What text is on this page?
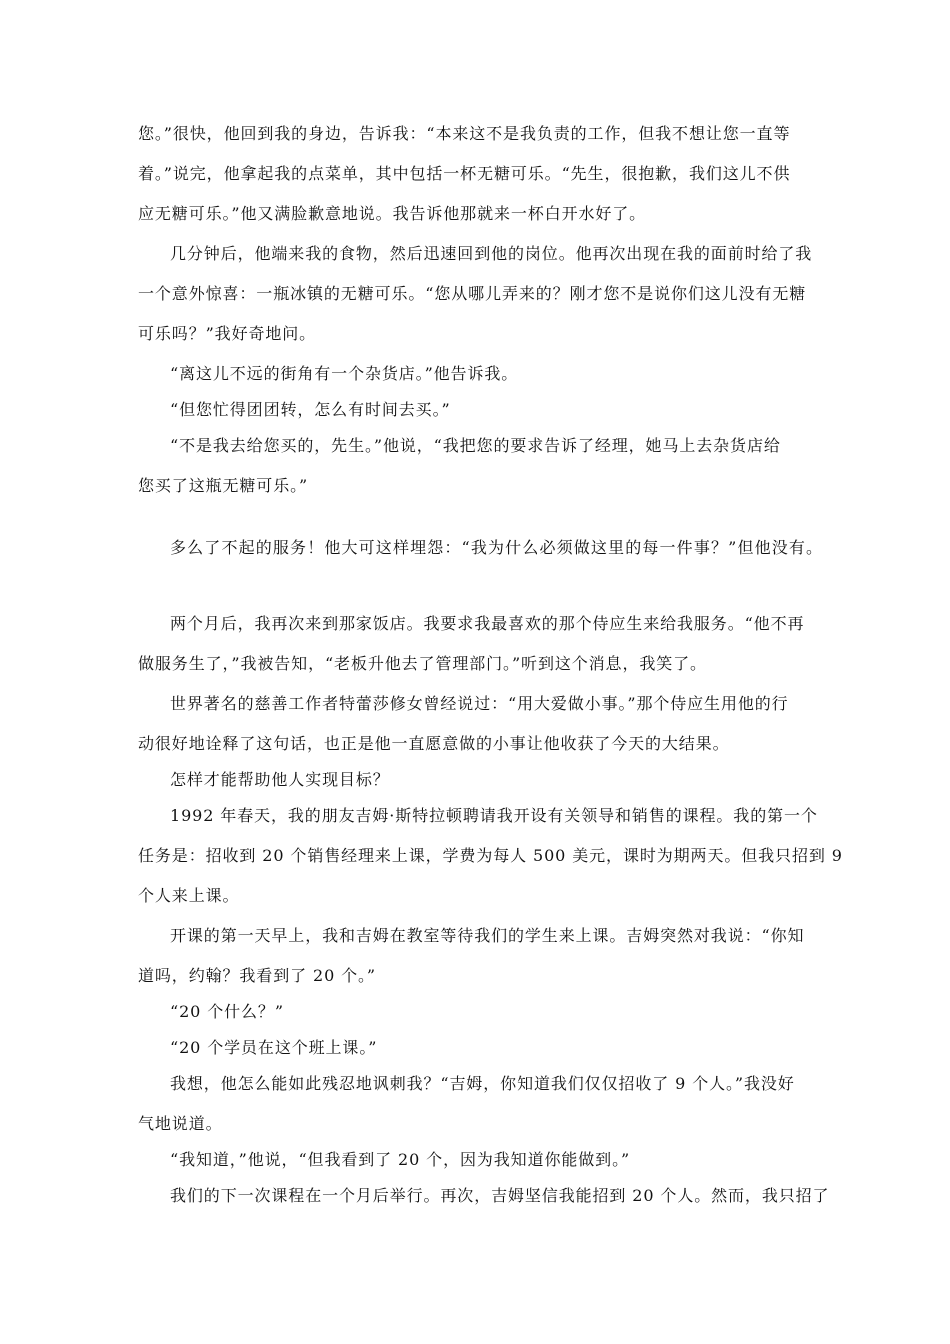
您。”很快，他回到我的身边，告诉我：“本来这不是我负责的工作，但我不想让您一直等
着。”说完，他拿起我的点菜单，其中包括一杯无糖可乐。“先生，很抱歉，我们这儿不供
应无糖可乐。”他又满脸歉意地说。我告诉他那就来一杯白开水好了。
几分钟后，他端来我的食物，然后迅速回到他的岗位。他再次出现在我的面前时给了我
一个意外惊喜：一瓶冰镇的无糖可乐。“您从哪儿弄来的？刚才您不是说你们这儿没有无糖
可乐吗？”我好奇地问。
“离这儿不远的街角有一个杂货店。”他告诉我。
“但您忙得团团转，怎么有时间去买。”
“不是我去给您买的，先生。”他说，“我把您的要求告诉了经理，她马上去杂货店给
您买了这瓶无糖可乐。”
多么了不起的服务！他大可这样埋怨：“我为什么必须做这里的每一件事？”但他没有。
两个月后，我再次来到那家饭店。我要求我最喜欢的那个侍应生来给我服务。“他不再
做服务生了，”我被告知，“老板升他去了管理部门。”听到这个消息，我笑了。
世界著名的慈善工作者特蕾莎修女曾经说过：“用大爱做小事。”那个侍应生用他的行
动很好地诠释了这句话，也正是他一直愿意做的小事让他收获了今天的大结果。
怎样才能帮助他人实现目标？
1992 年春天，我的朋友吉姆·斯特拉顿聘请我开设有关领导和销售的课程。我的第一个
任务是：招收到 20 个销售经理来上课，学费为每人 500 美元，课时为期两天。但我只招到 9
个人来上课。
开课的第一天早上，我和吉姆在教室等待我们的学生来上课。吉姆突然对我说：“你知
道吗，约翰？我看到了 20 个。”
“20 个什么？”
“20 个学员在这个班上课。”
我想，他怎么能如此残忍地讽刺我？“吉姆，你知道我们仅仅招收了 9 个人。”我没好
气地说道。
“我知道，”他说，“但我看到了 20 个，因为我知道你能做到。”
我们的下一次课程在一个月后举行。再次，吉姆坚信我能招到 20 个人。然而，我只招了
